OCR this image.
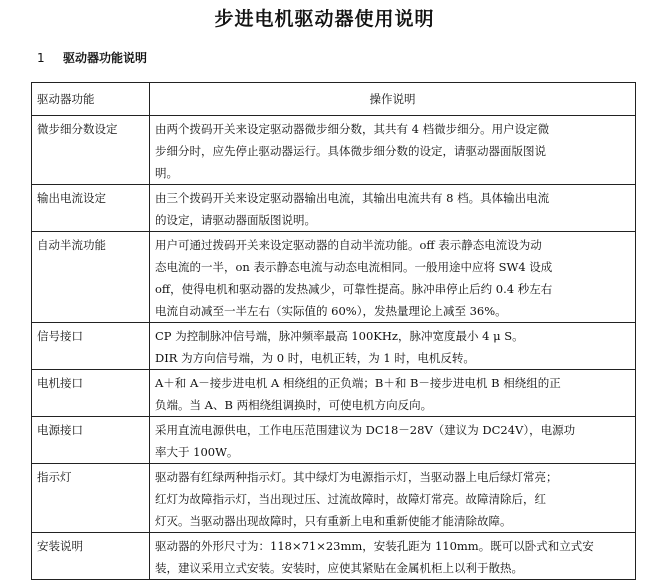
步进电机驱动器使用说明
1 驱动器功能说明
驱动器功能	操作说明
微步细分数设定	由两个拨码开关来设定驱动器微步细分数，其共有 4 档微步细分。用户设定微
步细分时，应先停止驱动器运行。具体微步细分数的设定，请驱动器面版图说
明。

输出电流设定	由三个拨码开关来设定驱动器输出电流，其输出电流共有 8 档。具体输出电流
的设定，请驱动器面版图说明。

自动半流功能	用户可通过拨码开关来设定驱动器的自动半流功能。off 表示静态电流设为动
态电流的一半，on 表示静态电流与动态电流相同。一般用途中应将 SW4 设成
off，使得电机和驱动器的发热减少，可靠性提高。脉冲串停止后约 0.4 秒左右
电流自动减至一半左右（实际值的 60%），发热量理论上减至 36%。

信号接口	CP 为控制脉冲信号端，脉冲频率最高 100KHz，脉冲宽度最小 4 μ S。
DIR 为方向信号端，为 0 时，电机正转，为 1 时，电机反转。

电机接口	A＋和 A－接步进电机 A 相绕组的正负端；B＋和 B－接步进电机 B 相绕组的正
负端。当 A、B 两相绕组调换时，可使电机方向反向。

电源接口	采用直流电源供电，工作电压范围建议为 DC18－28V（建议为 DC24V），电源功
率大于 100W。

指示灯	驱动器有红绿两种指示灯。其中绿灯为电源指示灯，当驱动器上电后绿灯常亮；
红灯为故障指示灯，当出现过压、过流故障时，故障灯常亮。故障清除后，红
灯灭。当驱动器出现故障时，只有重新上电和重新使能才能清除故障。

安装说明	驱动器的外形尺寸为：118×71×23mm，安装孔距为 110mm。既可以卧式和立式安
装，建议采用立式安装。安装时，应使其紧贴在金属机柜上以利于散热。
